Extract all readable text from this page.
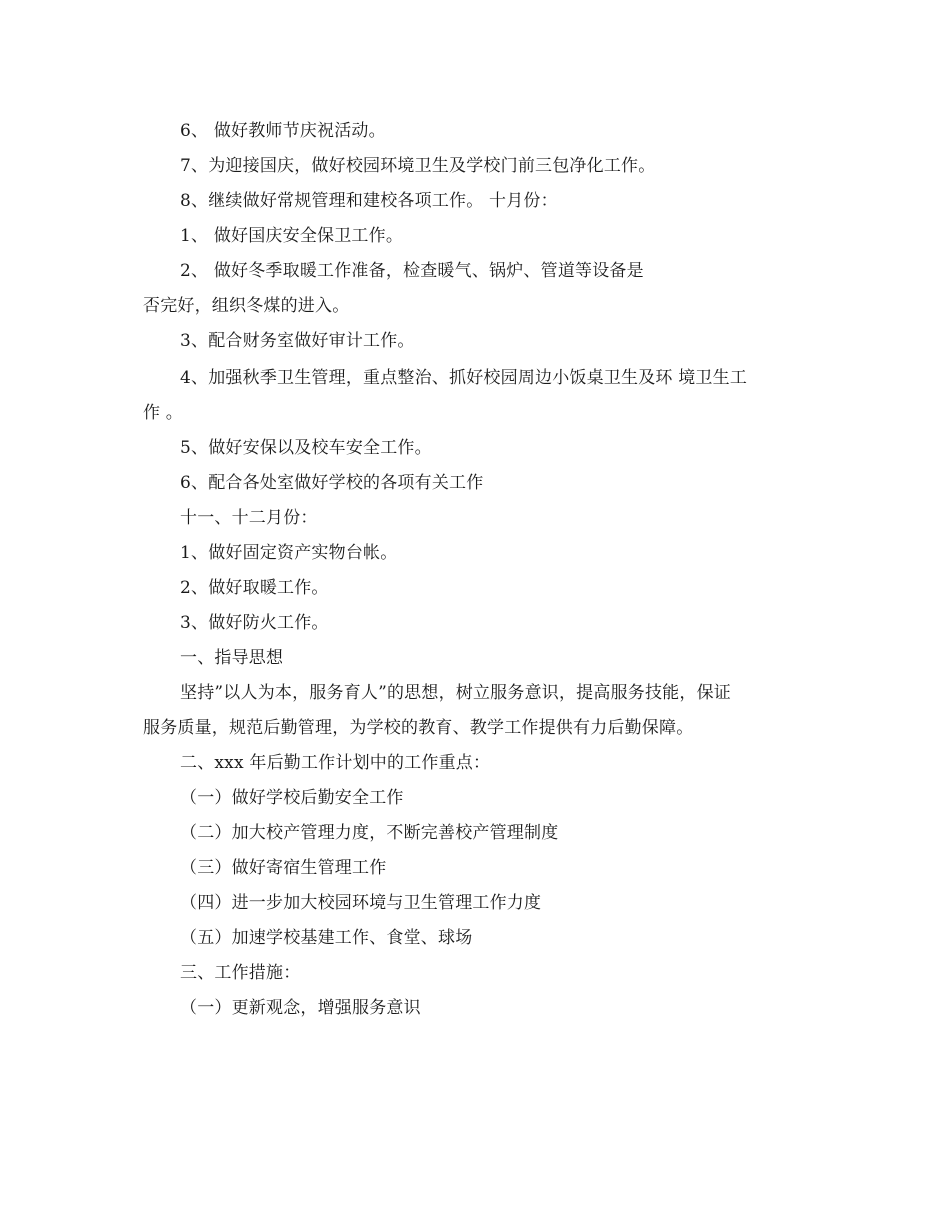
6、 做好教师节庆祝活动。
7、为迎接国庆，做好校园环境卫生及学校门前三包净化工作。
8、继续做好常规管理和建校各项工作。 十月份：
1、 做好国庆安全保卫工作。
2、 做好冬季取暖工作准备，检查暖气、锅炉、管道等设备是
否完好，组织冬煤的进入。
3、配合财务室做好审计工作。
4、加强秋季卫生管理，重点整治、抓好校园周边小饭桌卫生及环 境卫生工
作 。
5、做好安保以及校车安全工作。
6、配合各处室做好学校的各项有关工作
十一、十二月份：
1、做好固定资产实物台帐。
2、做好取暖工作。
3、做好防火工作。
一、指导思想
坚持”以人为本，服务育人”的思想，树立服务意识，提高服务技能，保证
服务质量，规范后勤管理，为学校的教育、教学工作提供有力后勤保障。
二、xxx 年后勤工作计划中的工作重点：
（一）做好学校后勤安全工作
（二）加大校产管理力度，不断完善校产管理制度
（三）做好寄宿生管理工作
（四）进一步加大校园环境与卫生管理工作力度
（五）加速学校基建工作、食堂、球场
三、工作措施：
（一）更新观念，增强服务意识
